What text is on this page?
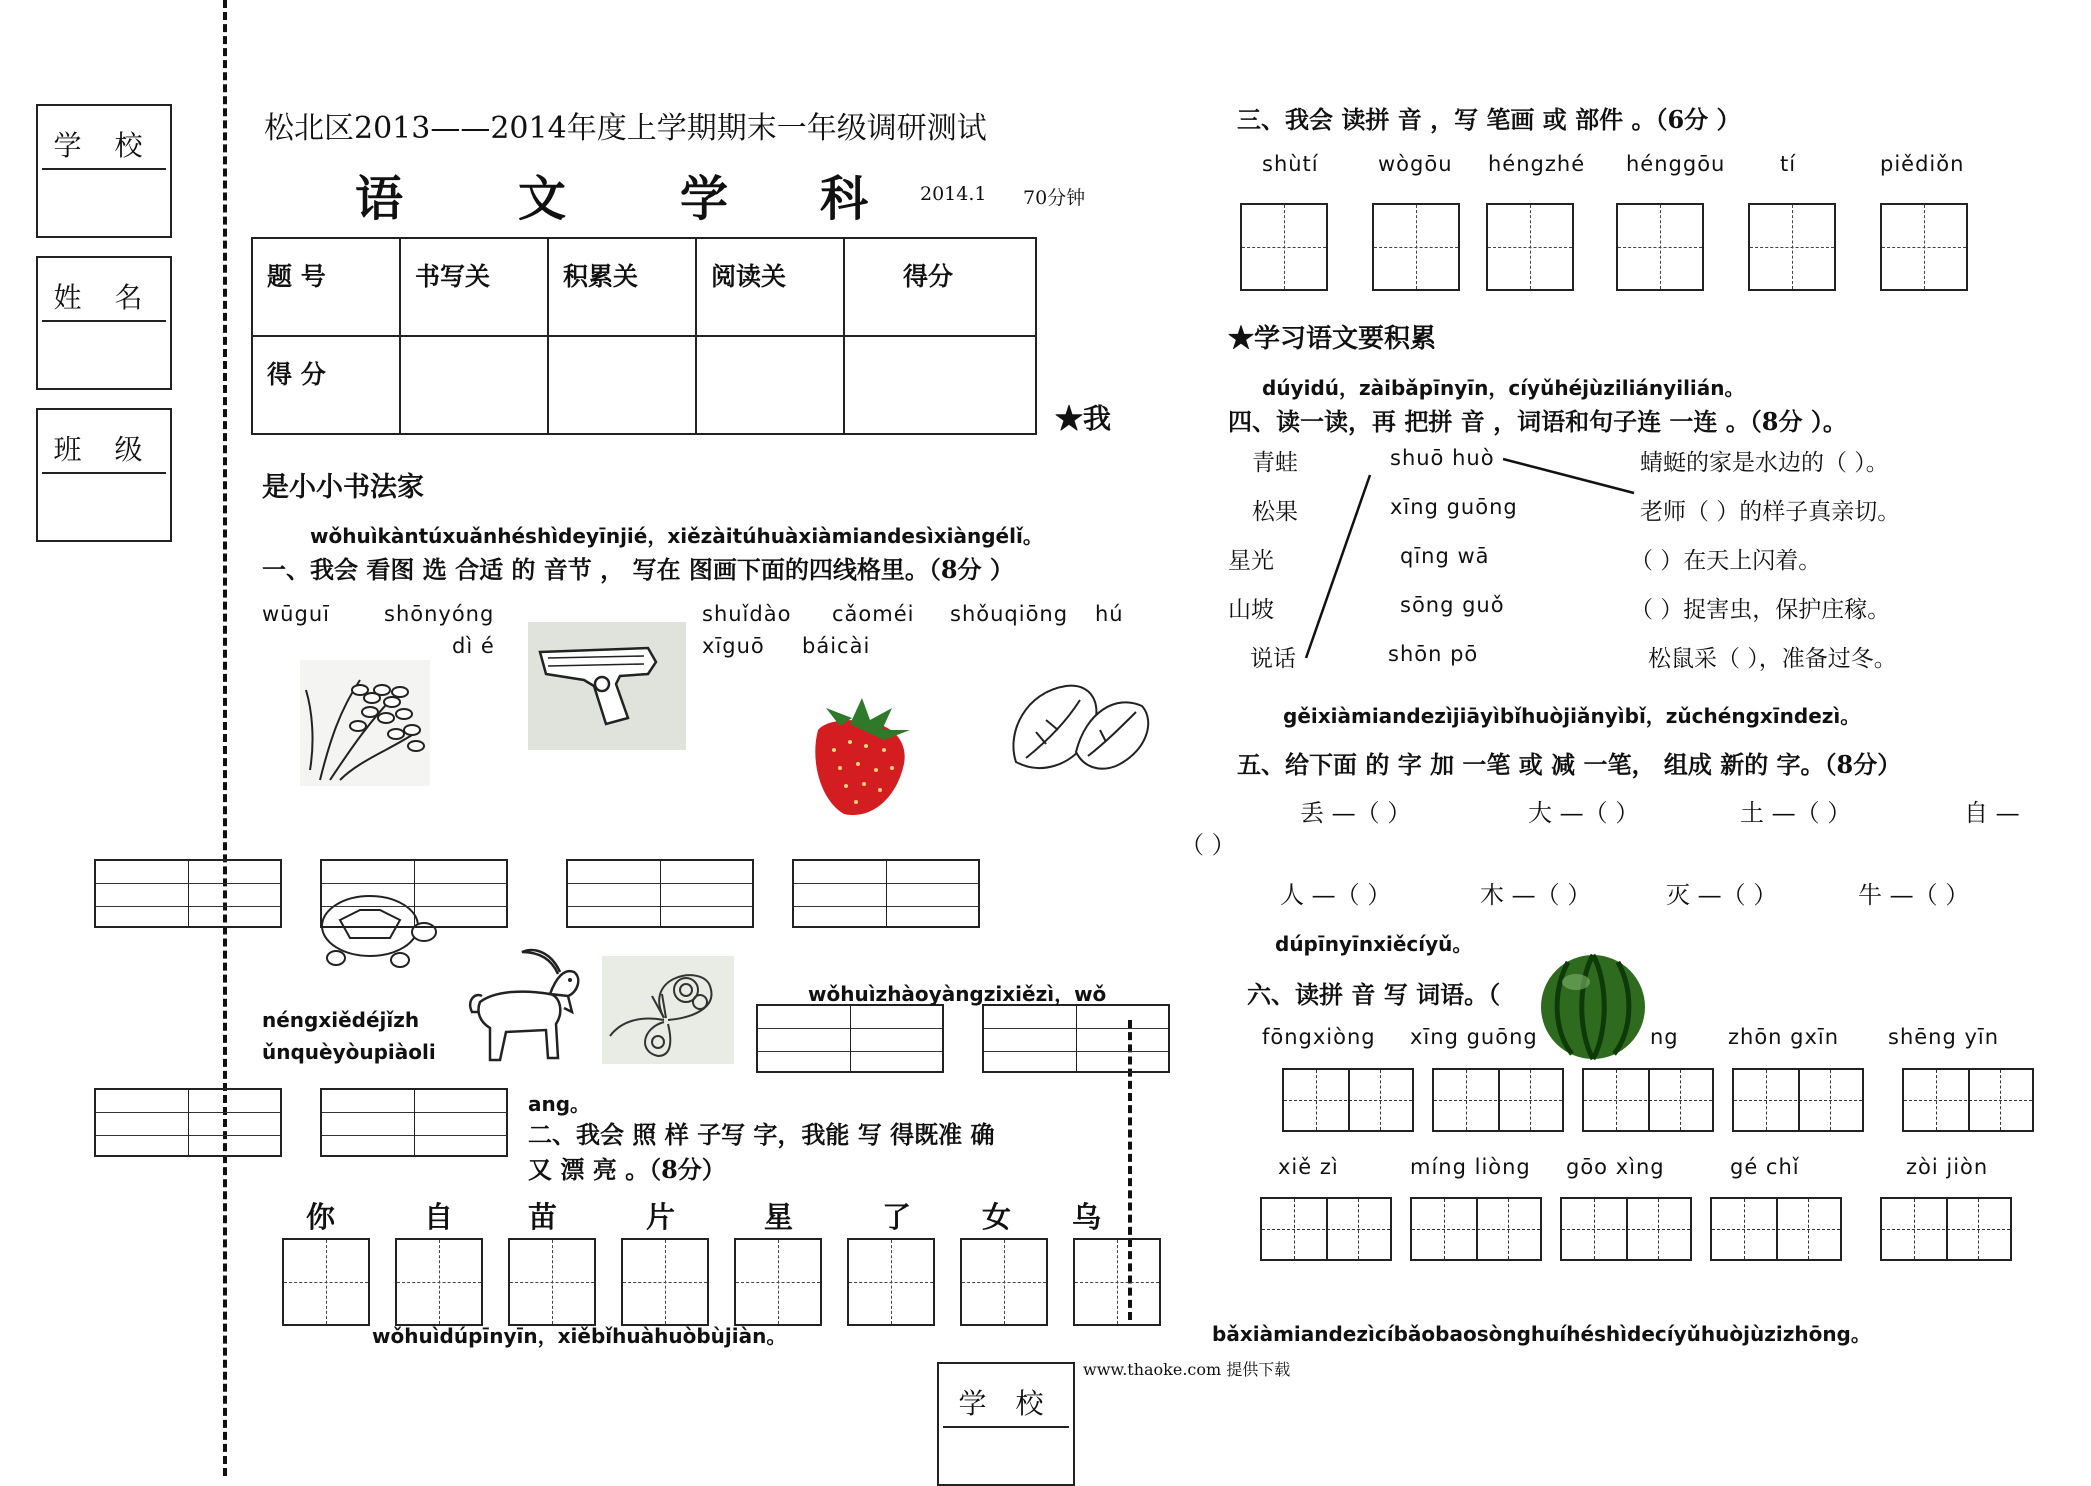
学 校
姓 名
班 级
松北区2013——2014年度上学期期末一年级调研测试
语 文 学 科	2014.1 70分钟
题 号	书写关	积累关	阅读关	得分
得 分				
★我
是小小书法家
wǒhuìkàntúxuǎnhéshìdeyīnjié，xiězàitúhuàxiàmiandesìxiàngélǐ。
一、我会 看图 选 合适 的 音节 ， 写在 图画下面的四线格里。（8分 ）
wūguī	shōnyóng
dì é
shuǐdào cǎoméi shǒuqiōng hú
xīguō báicài
néngxiědéjǐzh
ǔnquèyòupiàoli
wǒhuìzhàoyàngzixiězì，wǒ
ang。
二、我会 照 样 子写 字，我能 写 得既准 确
又 漂 亮 。（8分）
你	自	苗	片	星	了 女 乌
wǒhuìdúpīnyīn，xiěbǐhuàhuòbùjiàn。
学 校
www.thaoke.com 提供下载
三、我会 读拼 音 ，写 笔画 或 部件 。（6分 ）
shùtí	wògōu héngzhé hénggōu	tí	piědiǒn
★学习语文要积累
dúyidú，zàibǎpīnyīn，cíyǔhéjùziliányilián。
四、读一读，再 把拼 音 ，词语和句子连 一连 。（8分 ）。
青蛙
松果
星光
山坡
说话
shuō huò
xīng guōng
qīng wā
sōng guǒ
shōn pō
蜻蜓的家是水边的（ ）。
老师（ ）的样子真亲切。
（ ）在天上闪着。
（ ）捉害虫，保护庄稼。
松鼠采（ ），准备过冬。
gěixiàmiandezìjiāyìbǐhuòjiǎnyìbǐ，zǔchéngxīndezì。
五、给下面 的 字 加 一笔 或 减 一笔， 组成 新的 字。（8分）
丢 —（ ）	大 —（ ）	土 —（ ）	自 —
（ ）
人 —（ ）	木 —（ ）	灭 —（ ）	牛 —（ ）
dúpīnyīnxiěcíyǔ。
六、读拼 音 写 词语。（
fōngxiòng xīng guōng	ng zhōn gxīn shēng yīn
xiě zì	míng liòng gōo xìng	gé chǐ	zòi jiòn
bǎxiàmiandezìcíbǎobaosònghuíhéshìdecíyǔhuòjùzizhōng。
